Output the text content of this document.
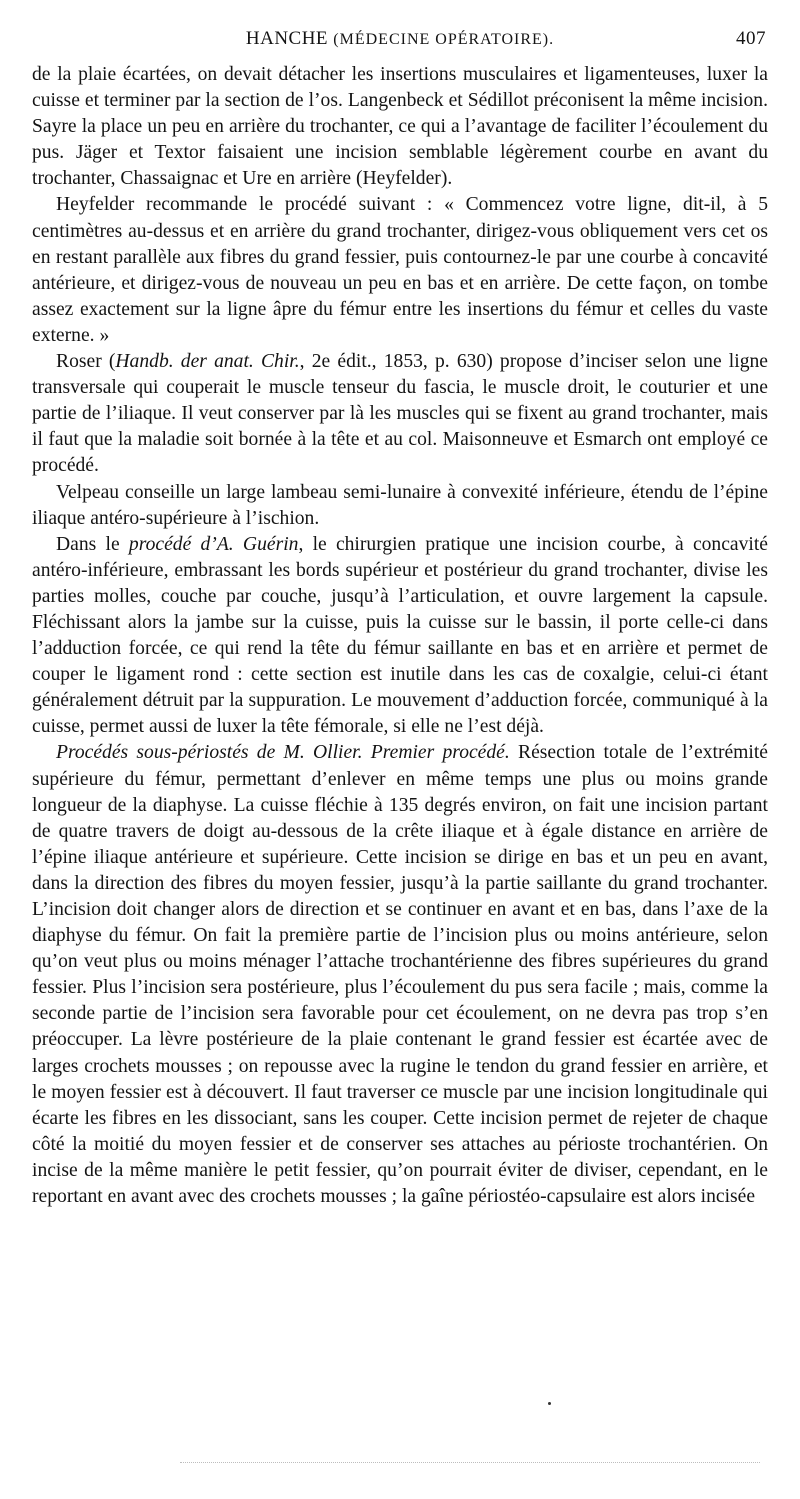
HANCHE (MÉDECINE OPÉRATOIRE).	407

de la plaie écartées, on devait détacher les insertions musculaires et ligamenteuses, luxer la cuisse et terminer par la section de l’os. Langenbeck et Sédillot préconisent la même incision. Sayre la place un peu en arrière du trochanter, ce qui a l’avantage de faciliter l’écoulement du pus. Jäger et Textor faisaient une incision semblable légèrement courbe en avant du trochanter, Chassaignac et Ure en arrière (Heyfelder).

Heyfelder recommande le procédé suivant : « Commencez votre ligne, dit-il, à 5 centimètres au-dessus et en arrière du grand trochanter, dirigez-vous obliquement vers cet os en restant parallèle aux fibres du grand fessier, puis contournez-le par une courbe à concavité antérieure, et dirigez-vous de nouveau un peu en bas et en arrière. De cette façon, on tombe assez exactement sur la ligne âpre du fémur entre les insertions du fémur et celles du vaste externe. »

Roser (Handb. der anat. Chir., 2e édit., 1853, p. 630) propose d’inciser selon une ligne transversale qui couperait le muscle tenseur du fascia, le muscle droit, le couturier et une partie de l’iliaque. Il veut conserver par là les muscles qui se fixent au grand trochanter, mais il faut que la maladie soit bornée à la tête et au col. Maisonneuve et Esmarch ont employé ce procédé.

Velpeau conseille un large lambeau semi-lunaire à convexité inférieure, étendu de l’épine iliaque antéro-supérieure à l’ischion.

Dans le procédé d’A. Guérin, le chirurgien pratique une incision courbe, à concavité antéro-inférieure, embrassant les bords supérieur et postérieur du grand trochanter, divise les parties molles, couche par couche, jusqu’à l’articulation, et ouvre largement la capsule. Fléchissant alors la jambe sur la cuisse, puis la cuisse sur le bassin, il porte celle-ci dans l’adduction forcée, ce qui rend la tête du fémur saillante en bas et en arrière et permet de couper le ligament rond : cette section est inutile dans les cas de coxalgie, celui-ci étant généralement détruit par la suppuration. Le mouvement d’adduction forcée, communiqué à la cuisse, permet aussi de luxer la tête fémorale, si elle ne l’est déjà.

Procédés sous-périostés de M. Ollier. Premier procédé. Résection totale de l’extrémité supérieure du fémur, permettant d’enlever en même temps une plus ou moins grande longueur de la diaphyse. La cuisse fléchie à 135 degrés environ, on fait une incision partant de quatre travers de doigt au-dessous de la crête iliaque et à égale distance en arrière de l’épine iliaque antérieure et supérieure. Cette incision se dirige en bas et un peu en avant, dans la direction des fibres du moyen fessier, jusqu’à la partie saillante du grand trochanter. L’incision doit changer alors de direction et se continuer en avant et en bas, dans l’axe de la diaphyse du fémur. On fait la première partie de l’incision plus ou moins antérieure, selon qu’on veut plus ou moins ménager l’attache trochantérienne des fibres supérieures du grand fessier. Plus l’incision sera postérieure, plus l’écoulement du pus sera facile ; mais, comme la seconde partie de l’incision sera favorable pour cet écoulement, on ne devra pas trop s’en préoccuper. La lèvre postérieure de la plaie contenant le grand fessier est écartée avec de larges crochets mousses ; on repousse avec la rugine le tendon du grand fessier en arrière, et le moyen fessier est à découvert. Il faut traverser ce muscle par une incision longitudinale qui écarte les fibres en les dissociant, sans les couper. Cette incision permet de rejeter de chaque côté la moitié du moyen fessier et de conserver ses attaches au périoste trochantérien. On incise de la même manière le petit fessier, qu’on pourrait éviter de diviser, cependant, en le reportant en avant avec des crochets mousses ; la gaîne périostéo-capsulaire est alors incisée
